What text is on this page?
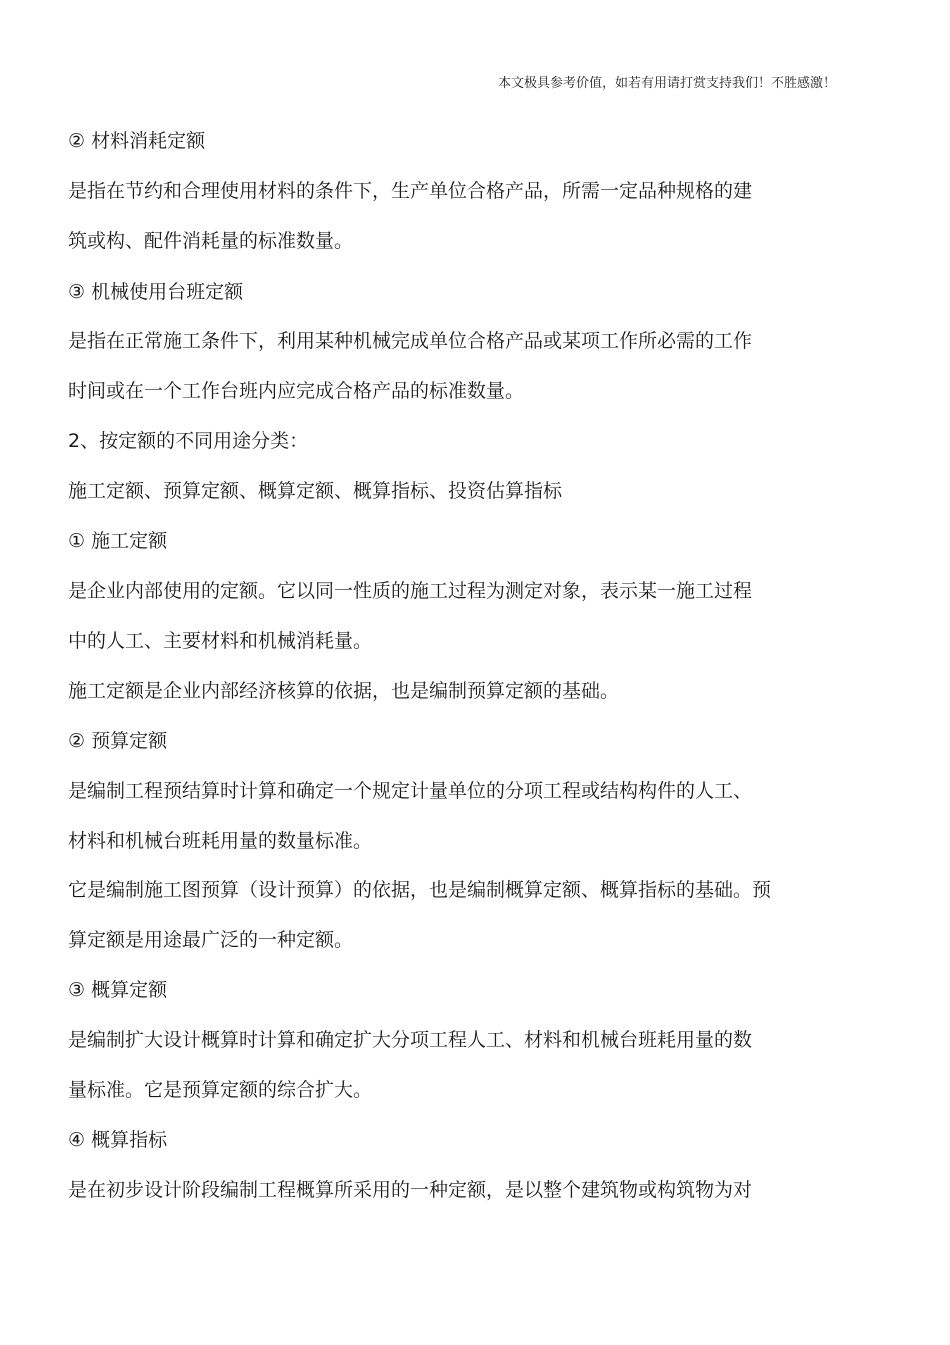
本文极具参考价值，如若有用请打赏支持我们！不胜感激！
② 材料消耗定额
是指在节约和合理使用材料的条件下，生产单位合格产品，所需一定品种规格的建
筑或构、配件消耗量的标准数量。
③ 机械使用台班定额
是指在正常施工条件下，利用某种机械完成单位合格产品或某项工作所必需的工作
时间或在一个工作台班内应完成合格产品的标准数量。
2、按定额的不同用途分类：
施工定额、预算定额、概算定额、概算指标、投资估算指标
① 施工定额
是企业内部使用的定额。它以同一性质的施工过程为测定对象，表示某一施工过程
中的人工、主要材料和机械消耗量。
施工定额是企业内部经济核算的依据，也是编制预算定额的基础。
② 预算定额
是编制工程预结算时计算和确定一个规定计量单位的分项工程或结构构件的人工、
材料和机械台班耗用量的数量标准。
它是编制施工图预算（设计预算）的依据，也是编制概算定额、概算指标的基础。预
算定额是用途最广泛的一种定额。
③ 概算定额
是编制扩大设计概算时计算和确定扩大分项工程人工、材料和机械台班耗用量的数
量标准。它是预算定额的综合扩大。
④ 概算指标
是在初步设计阶段编制工程概算所采用的一种定额，是以整个建筑物或构筑物为对
